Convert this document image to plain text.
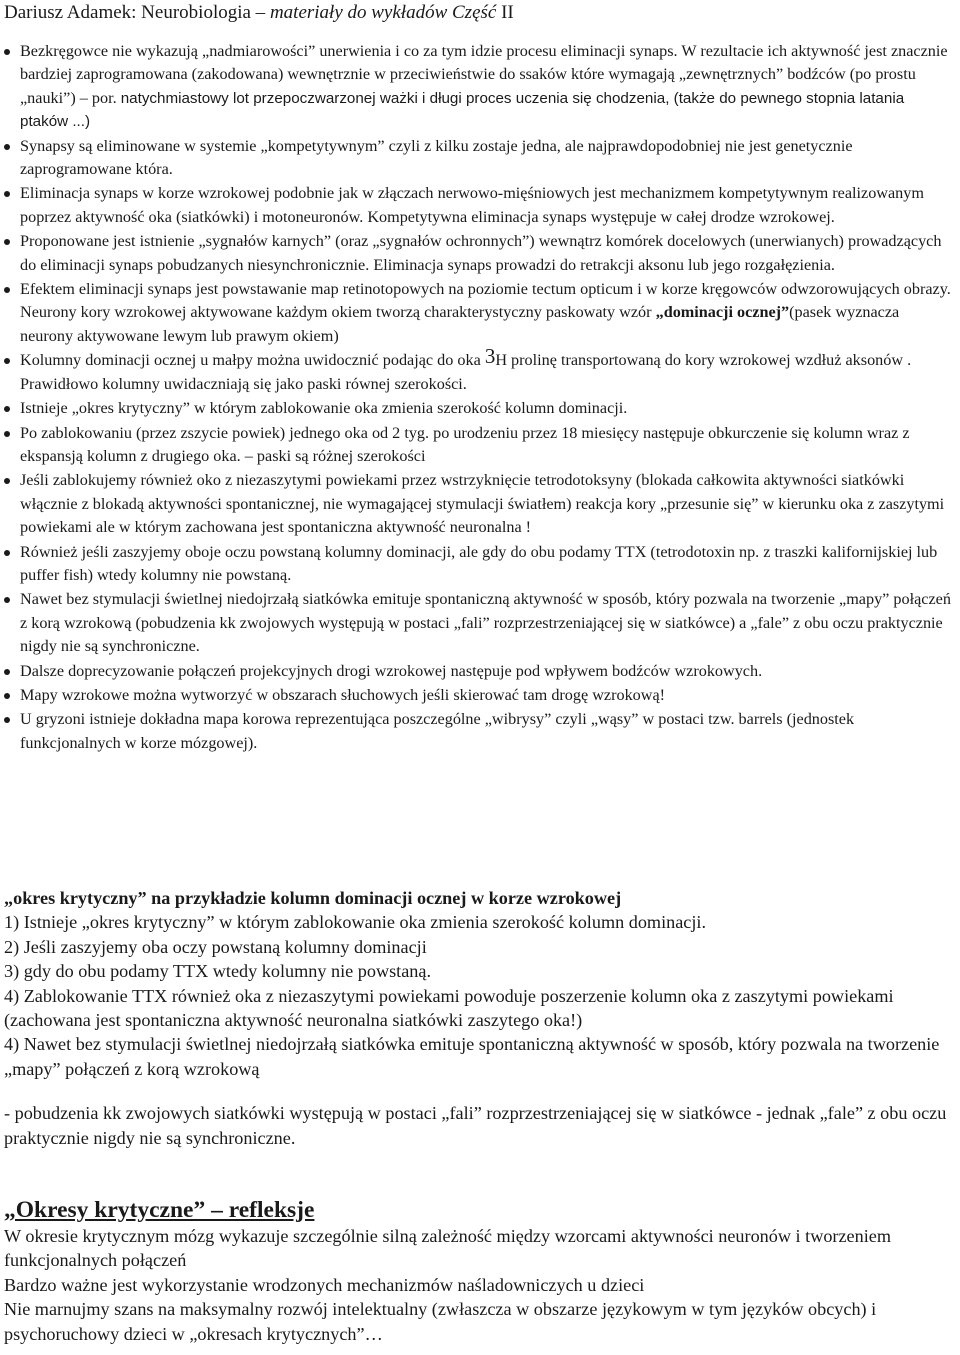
Dariusz Adamek: Neurobiologia – materiały do wykładów Część II
Bezkręgowce nie wykazują „nadmiarowości” unerwienia i co za tym idzie procesu eliminacji synaps. W rezultacie ich aktywność jest znacznie bardziej zaprogramowana (zakodowana) wewnętrznie w przeciwieństwie do ssaków które wymagają „zewnętrznych” bodźców (po prostu „nauki”) – por. natychmiastowy lot przepoczwarzonej ważki i długi proces uczenia się chodzenia, (także do pewnego stopnia latania ptaków ...)
Synapsy są eliminowane w systemie „kompetytywnym” czyli z kilku zostaje jedna, ale najprawdopodobniej nie jest genetycznie zaprogramowane która.
Eliminacja synaps w korze wzrokowej podobnie jak w złączach nerwowo-mięśniowych jest mechanizmem kompetytywnym realizowanym poprzez aktywność oka (siatkówki) i motoneuronów. Kompetytywna eliminacja synaps występuje w całej drodze wzrokowej.
Proponowane jest istnienie „sygnałów karnych” (oraz „sygnałów ochronnych”) wewnątrz komórek docelowych (unerwianych) prowadzących do eliminacji synaps pobudzanych niesynchronicznie. Eliminacja synaps prowadzi do retrakcji aksonu lub jego rozgałęzienia.
Efektem eliminacji synaps jest powstawanie map retinotopowych na poziomie tectum opticum i w korze kręgowców odwzorowujących obrazy. Neurony kory wzrokowej aktywowane każdym okiem tworzą charakterystyczny paskowaty wzór „dominacji ocznej”(pasek wyznacza neurony aktywowane lewym lub prawym okiem)
Kolumny dominacji ocznej u małpy można uwidocznić podając do oka $^3$H prolinę transportowaną do kory wzrokowej wzdłuż aksonów . Prawidłowo kolumny uwidaczniają się jako paski równej szerokości.
Istnieje „okres krytyczny” w którym zablokowanie oka zmienia szerokość kolumn dominacji.
Po zablokowaniu (przez zszycie powiek) jednego oka od 2 tyg. po urodzeniu przez 18 miesięcy następuje obkurczenie się kolumn wraz z ekspansją kolumn z drugiego oka. – paski są różnej szerokości
Jeśli zablokujemy również oko z niezaszytymi powiekami przez wstrzyknięcie tetrodotoksyny (blokada całkowita aktywności siatkówki włącznie z blokadą aktywności spontanicznej, nie wymagającej stymulacji światłem) reakcja kory „przesunie się” w kierunku oka z zaszytymi powiekami ale w którym zachowana jest spontaniczna aktywność neuronalna !
Również jeśli zaszyjemy oboje oczu powstaną kolumny dominacji, ale gdy do obu podamy TTX (tetrodotoxin np. z traszki kalifornijskiej lub puffer fish) wtedy kolumny nie powstaną.
Nawet bez stymulacji świetlnej niedojrzałą siatkówka emituje spontaniczną aktywność w sposób, który pozwala na tworzenie „mapy” połączeń z korą wzrokową (pobudzenia kk zwojowych występują w postaci „fali” rozprzestrzeniającej się w siatkówce) a „fale” z obu oczu praktycznie nigdy nie są synchroniczne.
Dalsze doprecyzowanie połączeń projekcyjnych drogi wzrokowej następuje pod wpływem bodźców wzrokowych.
Mapy wzrokowe można wytworzyć w obszarach słuchowych jeśli skierować tam drogę wzrokową!
U gryzoni istnieje dokładna mapa korowa reprezentująca poszczególne „wibrysy” czyli „wąsy” w postaci tzw. barrels (jednostek funkcjonalnych w korze mózgowej).

„okres krytyczny” na przykładzie kolumn dominacji ocznej w korze wzrokowej

1) Istnieje „okres krytyczny” w którym zablokowanie oka zmienia szerokość kolumn dominacji.

2) Jeśli zaszyjemy oba oczy powstaną kolumny dominacji

3) gdy do obu podamy TTX wtedy kolumny nie powstaną.

4) Zablokowanie TTX również oka z niezaszytymi powiekami powoduje poszerzenie kolumn oka z zaszytymi powiekami (zachowana jest spontaniczna aktywność neuronalna siatkówki zaszytego oka!)

4) Nawet bez stymulacji świetlnej niedojrzałą siatkówka emituje spontaniczną aktywność w sposób, który pozwala na tworzenie „mapy” połączeń z korą wzrokową

- pobudzenia kk zwojowych siatkówki występują w postaci „fali” rozprzestrzeniającej się w siatkówce - jednak „fale” z obu oczu praktycznie nigdy nie są synchroniczne.

„Okresy krytyczne” – refleksje

W okresie krytycznym mózg wykazuje szczególnie silną zależność między wzorcami aktywności neuronów i tworzeniem funkcjonalnych połączeń

Bardzo ważne jest wykorzystanie wrodzonych mechanizmów naśladowniczych u dzieci

Nie marnujmy szans na maksymalny rozwój intelektualny (zwłaszcza w obszarze językowym w tym języków obcych) i psychoruchowy dzieci w „okresach krytycznych”…
